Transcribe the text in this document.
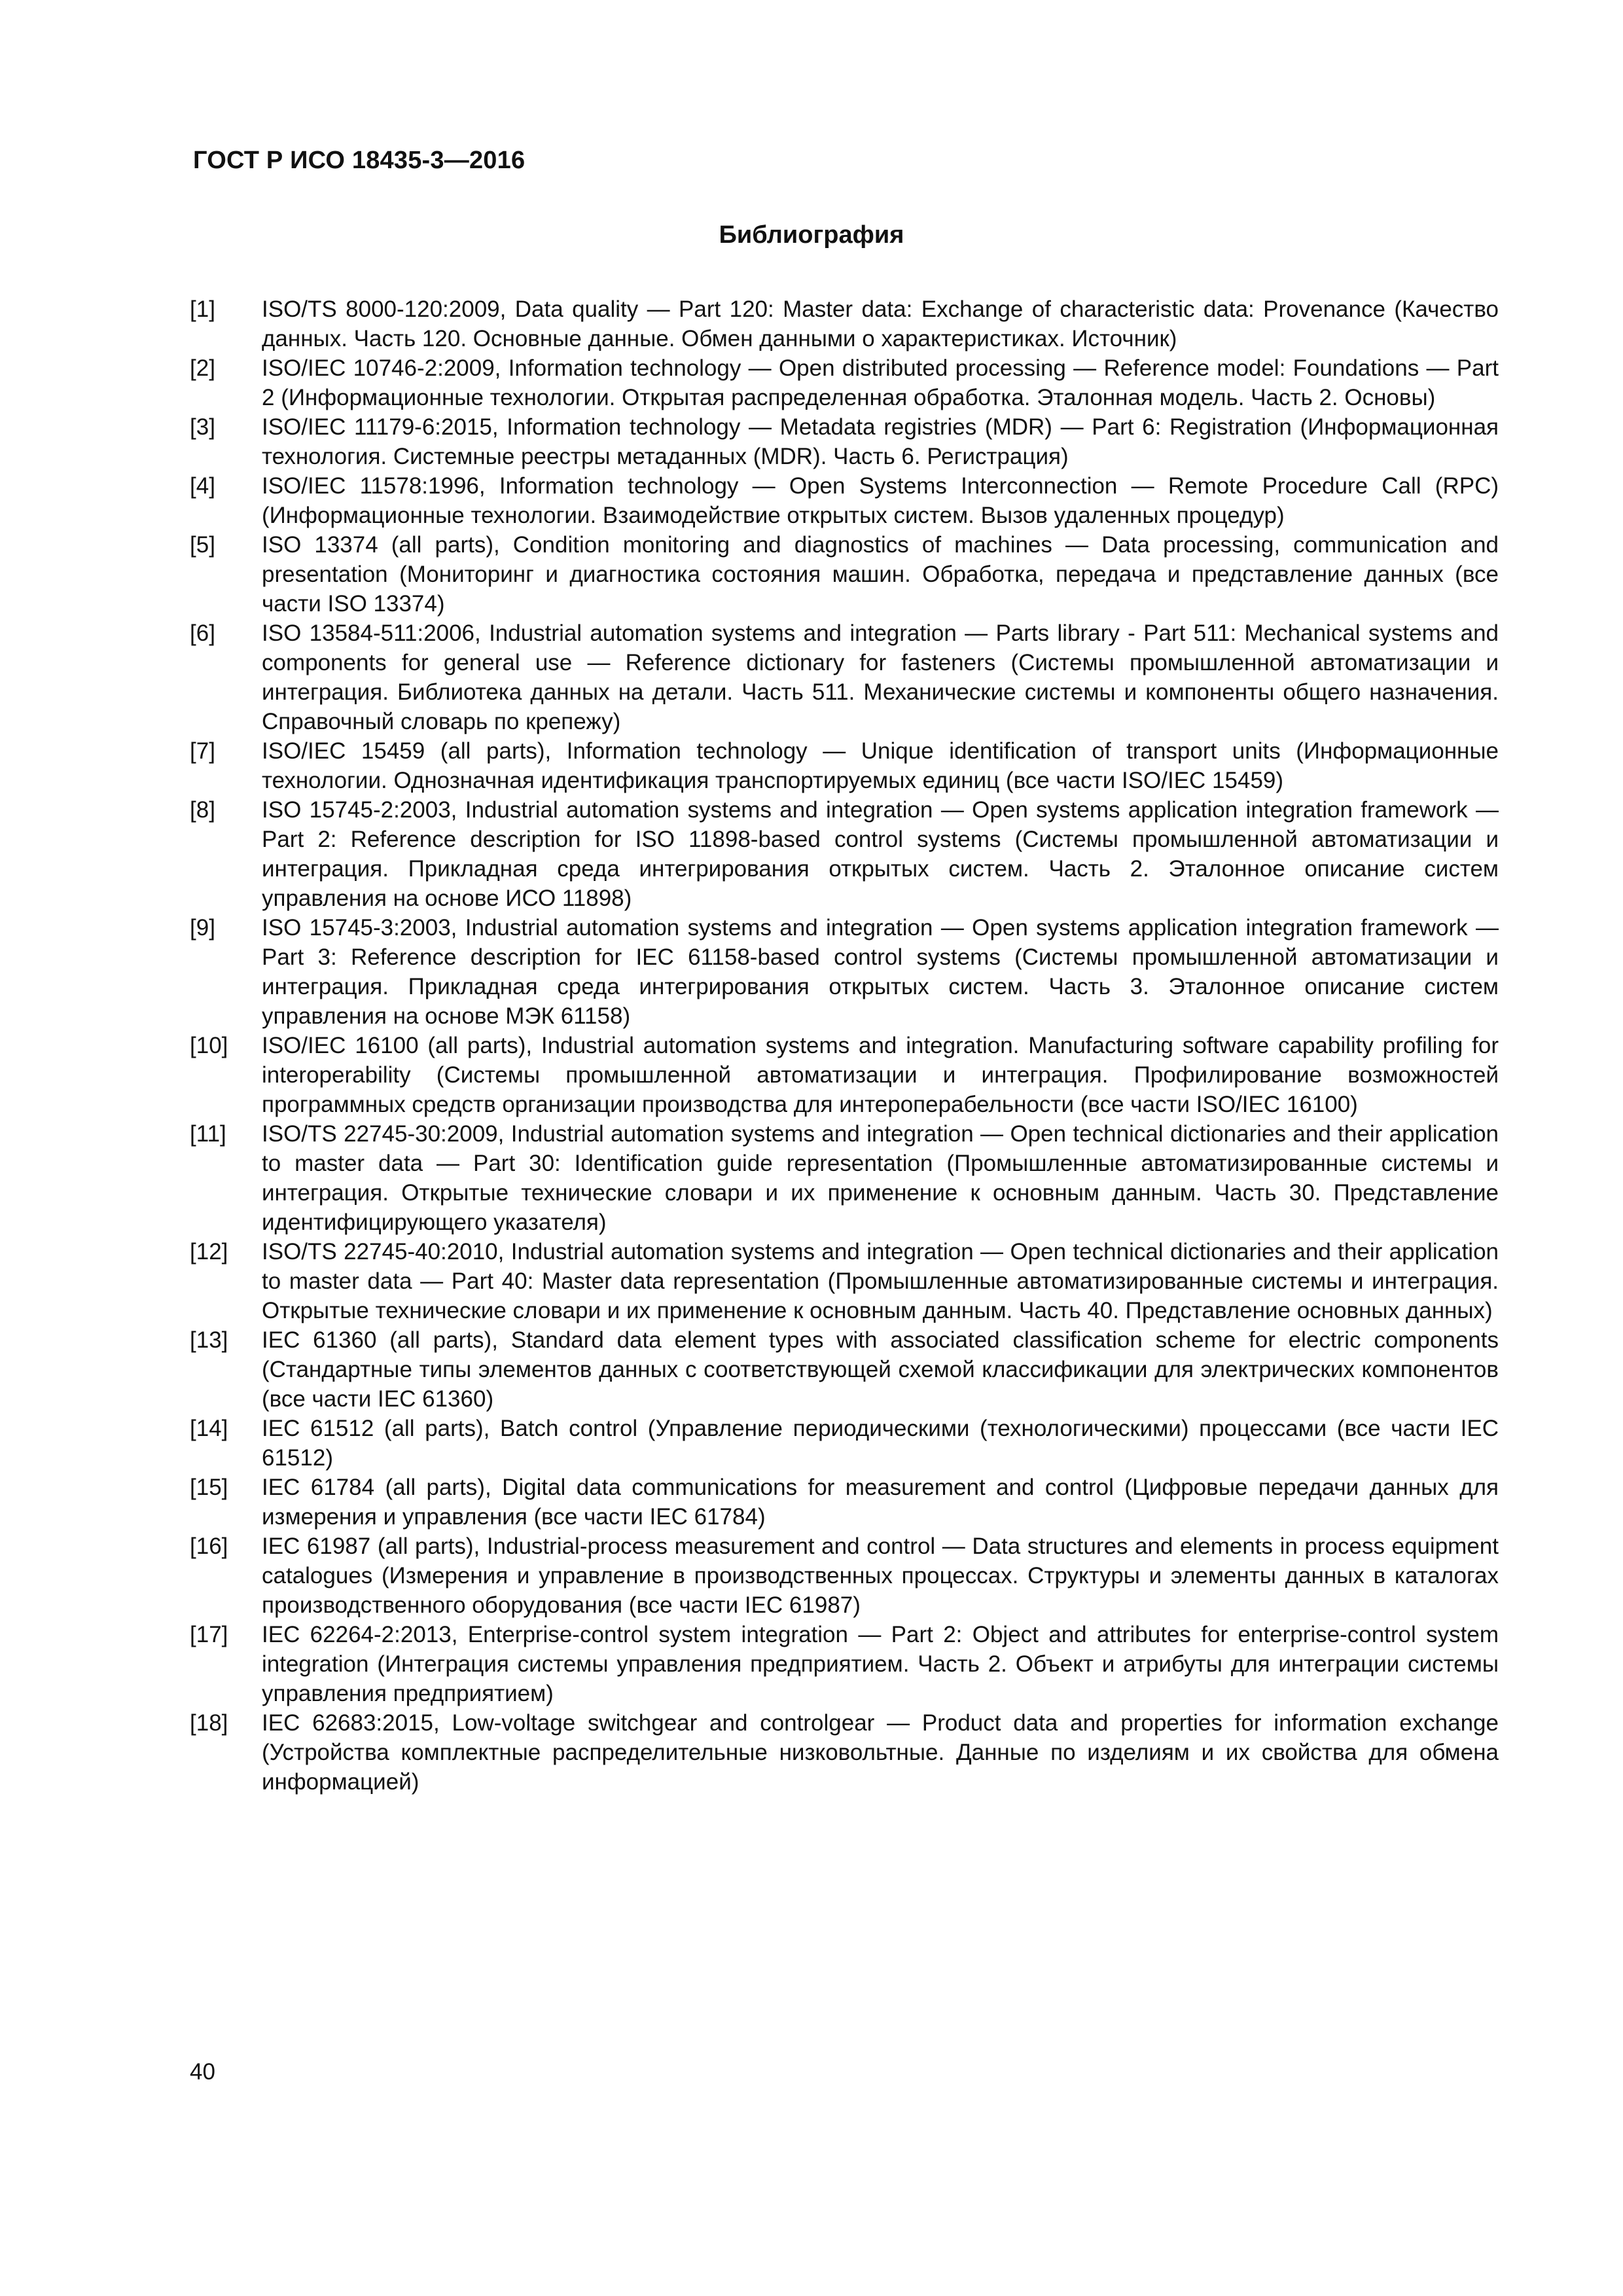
ГОСТ Р ИСО 18435-3—2016
Библиография
[1]	ISO/TS 8000-120:2009, Data quality — Part 120: Master data: Exchange of characteristic data: Provenance (Качество данных. Часть 120. Основные данные. Обмен данными о характеристиках. Источник)
[2]	ISO/IEC 10746-2:2009, Information technology — Open distributed processing — Reference model: Foundations — Part 2 (Информационные технологии. Открытая распределенная обработка. Эталонная модель. Часть 2. Основы)
[3]	ISO/IEC 11179-6:2015, Information technology — Metadata registries (MDR) — Part 6: Registration (Информационная технология. Системные реестры метаданных (MDR). Часть 6. Регистрация)
[4]	ISO/IEC 11578:1996, Information technology — Open Systems Interconnection — Remote Procedure Call (RPC) (Информационные технологии. Взаимодействие открытых систем. Вызов удаленных процедур)
[5]	ISO 13374 (all parts), Condition monitoring and diagnostics of machines — Data processing, communication and presentation (Мониторинг и диагностика состояния машин. Обработка, передача и представление данных (все части ISO 13374)
[6]	ISO 13584-511:2006, Industrial automation systems and integration — Parts library - Part 511: Mechanical systems and components for general use — Reference dictionary for fasteners (Системы промышленной автоматизации и интеграция. Библиотека данных на детали. Часть 511. Механические системы и компоненты общего назначения. Справочный словарь по крепежу)
[7]	ISO/IEC 15459 (all parts), Information technology — Unique identification of transport units (Информационные технологии. Однозначная идентификация транспортируемых единиц (все части ISO/IEC 15459)
[8]	ISO 15745-2:2003, Industrial automation systems and integration — Open systems application integration framework — Part 2: Reference description for ISO 11898-based control systems (Системы промышленной автоматизации и интеграция. Прикладная среда интегрирования открытых систем. Часть 2. Эталонное описание систем управления на основе ИСО 11898)
[9]	ISO 15745-3:2003, Industrial automation systems and integration — Open systems application integration framework — Part 3: Reference description for IEC 61158-based control systems (Системы промышленной автоматизации и интеграция. Прикладная среда интегрирования открытых систем. Часть 3. Эталонное описание систем управления на основе МЭК 61158)
[10]	ISO/IEC 16100 (all parts), Industrial automation systems and integration. Manufacturing software capability profiling for interoperability (Системы промышленной автоматизации и интеграция. Профилирование возможностей программных средств организации производства для интероперабельности (все части ISO/IEC 16100)
[11]	ISO/TS 22745-30:2009, Industrial automation systems and integration — Open technical dictionaries and their application to master data — Part 30: Identification guide representation (Промышленные автоматизированные системы и интеграция. Открытые технические словари и их применение к основным данным. Часть 30. Представление идентифицирующего указателя)
[12]	ISO/TS 22745-40:2010, Industrial automation systems and integration — Open technical dictionaries and their application to master data — Part 40: Master data representation (Промышленные автоматизированные системы и интеграция. Открытые технические словари и их применение к основным данным. Часть 40. Представление основных данных)
[13]	IEC 61360 (all parts), Standard data element types with associated classification scheme for electric components (Стандартные типы элементов данных с соответствующей схемой классификации для электрических компонентов (все части IEC 61360)
[14]	IEC 61512 (all parts), Batch control (Управление периодическими (технологическими) процессами (все части IEC 61512)
[15]	IEC 61784 (all parts), Digital data communications for measurement and control (Цифровые передачи данных для измерения и управления (все части IEC 61784)
[16]	IEC 61987 (all parts), Industrial-process measurement and control — Data structures and elements in process equipment catalogues (Измерения и управление в производственных процессах. Структуры и элементы данных в каталогах производственного оборудования (все части IEC 61987)
[17]	IEC 62264-2:2013, Enterprise-control system integration — Part 2: Object and attributes for enterprise-control system integration (Интеграция системы управления предприятием. Часть 2. Объект и атрибуты для интеграции системы управления предприятием)
[18]	IEC 62683:2015, Low-voltage switchgear and controlgear — Product data and properties for information exchange (Устройства комплектные распределительные низковольтные. Данные по изделиям и их свойства для обмена информацией)
40
